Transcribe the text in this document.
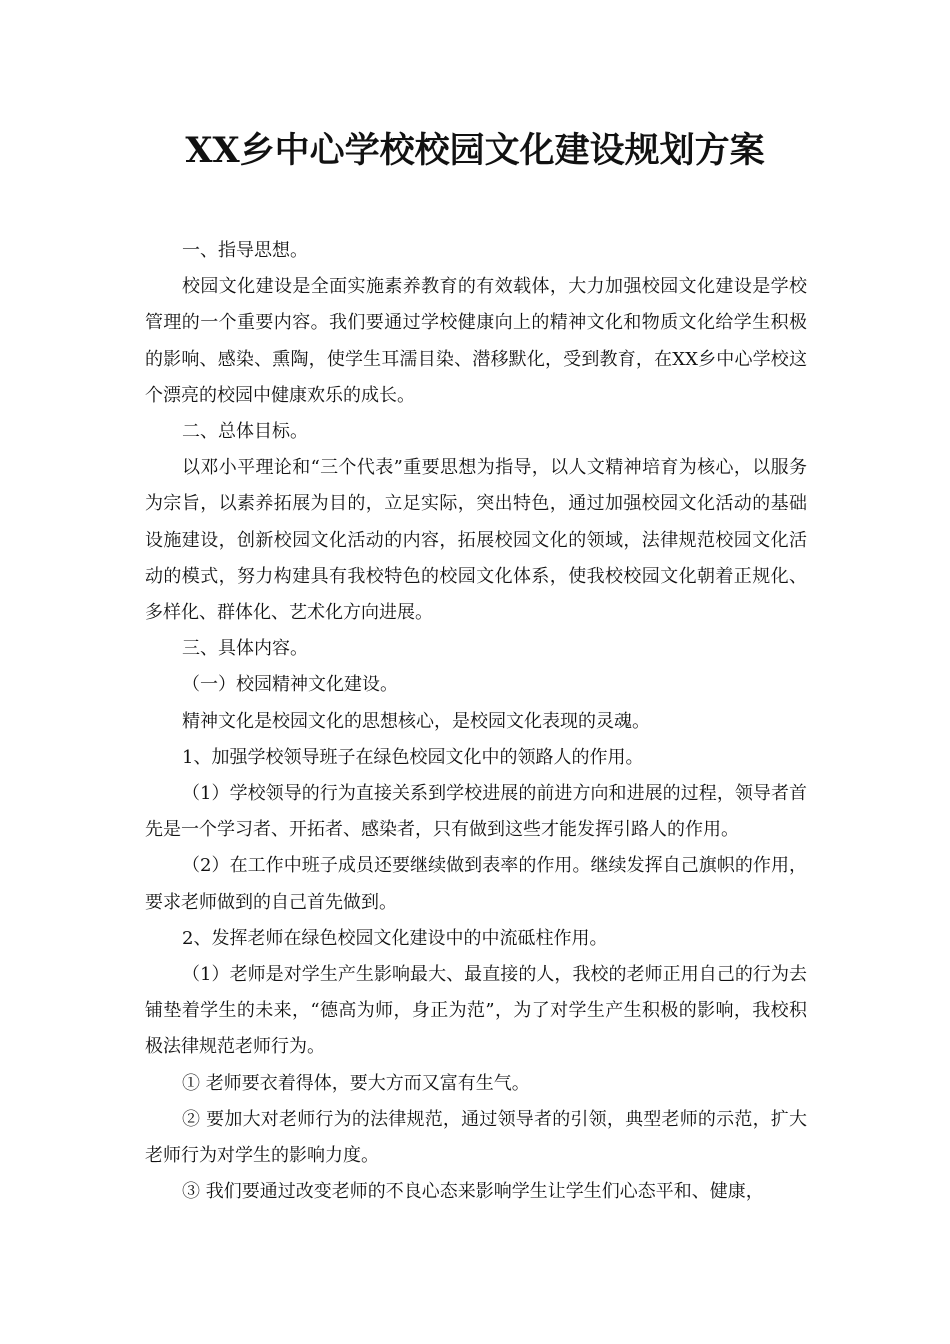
XX乡中心学校校园文化建设规划方案

一、指导思想。

校园文化建设是全面实施素养教育的有效载体，大力加强校园文化建设是学校管理的一个重要内容。我们要通过学校健康向上的精神文化和物质文化给学生积极的影响、感染、熏陶，使学生耳濡目染、潜移默化，受到教育，在XX乡中心学校这个漂亮的校园中健康欢乐的成长。

二、总体目标。

以邓小平理论和“三个代表”重要思想为指导，以人文精神培育为核心，以服务为宗旨，以素养拓展为目的，立足实际，突出特色，通过加强校园文化活动的基础设施建设，创新校园文化活动的内容，拓展校园文化的领域，法律规范校园文化活动的模式，努力构建具有我校特色的校园文化体系，使我校校园文化朝着正规化、多样化、群体化、艺术化方向进展。

三、具体内容。

（一）校园精神文化建设。

精神文化是校园文化的思想核心，是校园文化表现的灵魂。

1、加强学校领导班子在绿色校园文化中的领路人的作用。

（1）学校领导的行为直接关系到学校进展的前进方向和进展的过程，领导者首先是一个学习者、开拓者、感染者，只有做到这些才能发挥引路人的作用。

（2）在工作中班子成员还要继续做到表率的作用。继续发挥自己旗帜的作用，要求老师做到的自己首先做到。

2、发挥老师在绿色校园文化建设中的中流砥柱作用。

（1）老师是对学生产生影响最大、最直接的人，我校的老师正用自己的行为去铺垫着学生的未来，“德高为师，身正为范”，为了对学生产生积极的影响，我校积极法律规范老师行为。

① 老师要衣着得体，要大方而又富有生气。

② 要加大对老师行为的法律规范，通过领导者的引领，典型老师的示范，扩大老师行为对学生的影响力度。

③ 我们要通过改变老师的不良心态来影响学生让学生们心态平和、健康，
